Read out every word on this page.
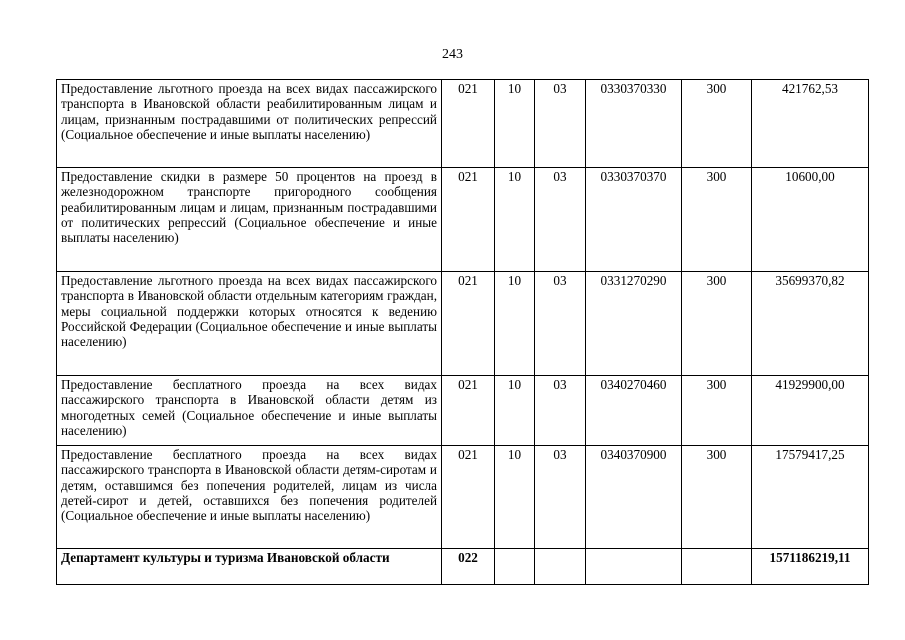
243
Предоставление льготного проезда на всех видах пассажирского транспорта в Ивановской области реабилитированным лицам и лицам, признанным пострадавшими от политических репрессий (Социальное обеспечение и иные выплаты населению)	021	10	03	0330370330	300	421762,53
Предоставление скидки в размере 50 процентов на проезд в железнодорожном транспорте пригородного сообщения реабилитированным лицам и лицам, признанным пострадавшими от политических репрессий (Социальное обеспечение и иные выплаты населению)	021	10	03	0330370370	300	10600,00
Предоставление льготного проезда на всех видах пассажирского транспорта в Ивановской области отдельным категориям граждан, меры социальной поддержки которых относятся к ведению Российской Федерации (Социальное обеспечение и иные выплаты населению)	021	10	03	0331270290	300	35699370,82
Предоставление бесплатного проезда на всех видах пассажирского транспорта в Ивановской области детям из многодетных семей (Социальное обеспечение и иные выплаты населению)	021	10	03	0340270460	300	41929900,00
Предоставление бесплатного проезда на всех видах пассажирского транспорта в Ивановской области детям-сиротам и детям, оставшимся без попечения родителей, лицам из числа детей-сирот и детей, оставшихся без попечения родителей (Социальное обеспечение и иные выплаты населению)	021	10	03	0340370900	300	17579417,25
Департамент культуры и туризма Ивановской области	022					1571186219,11
